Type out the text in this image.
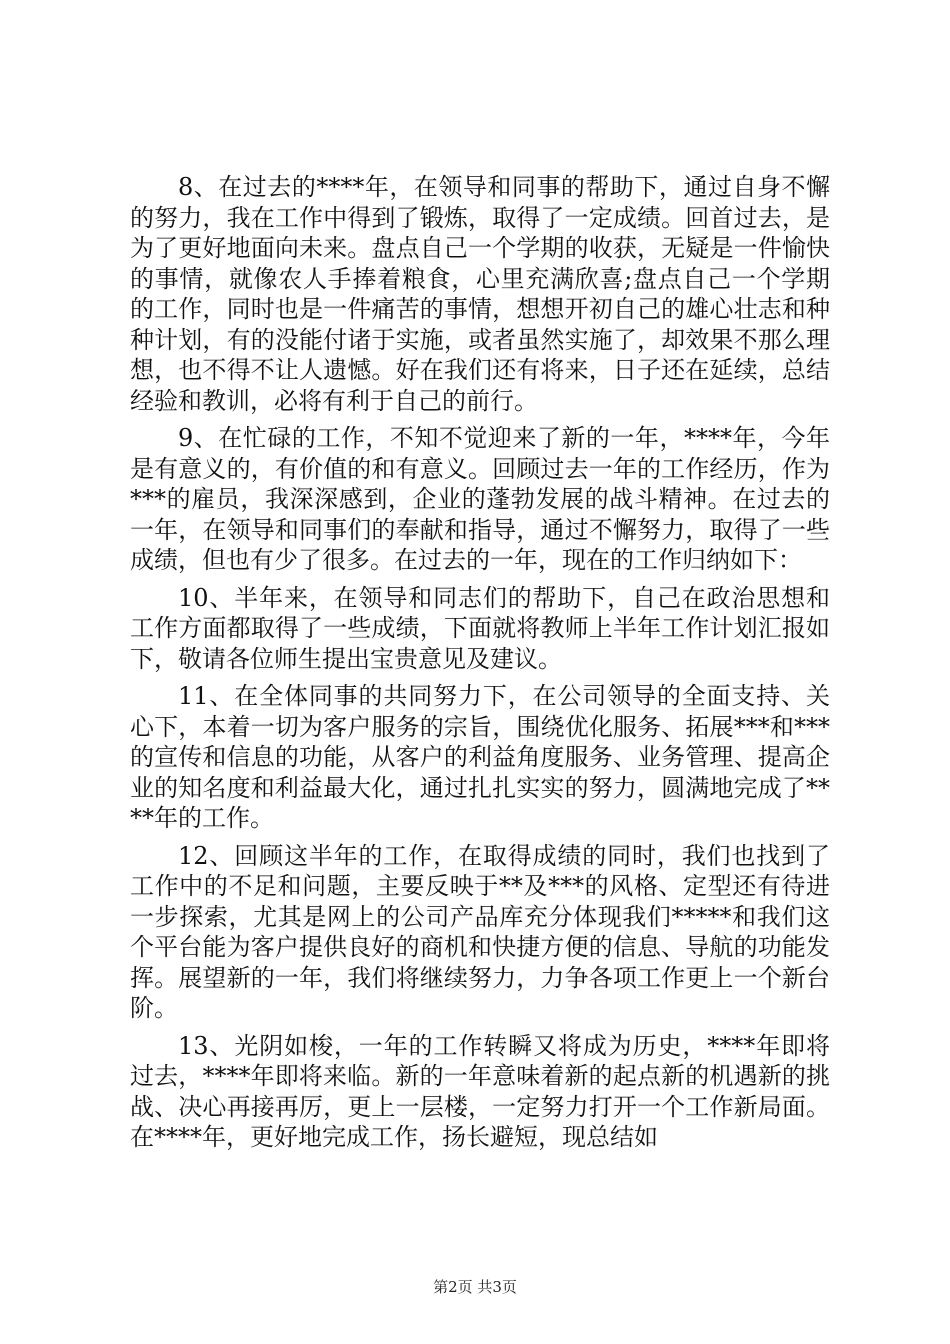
8、在过去的****年，在领导和同事的帮助下，通过自身不懈的努力，我在工作中得到了锻炼，取得了一定成绩。回首过去，是为了更好地面向未来。盘点自己一个学期的收获，无疑是一件愉快的事情，就像农人手捧着粮食，心里充满欣喜;盘点自己一个学期的工作，同时也是一件痛苦的事情，想想开初自己的雄心壮志和种种计划，有的没能付诸于实施，或者虽然实施了，却效果不那么理想，也不得不让人遗憾。好在我们还有将来，日子还在延续，总结经验和教训，必将有利于自己的前行。

9、在忙碌的工作，不知不觉迎来了新的一年，****年，今年是有意义的，有价值的和有意义。回顾过去一年的工作经历，作为***的雇员，我深深感到，企业的蓬勃发展的战斗精神。在过去的一年，在领导和同事们的奉献和指导，通过不懈努力，取得了一些成绩，但也有少了很多。在过去的一年，现在的工作归纳如下：

10、半年来，在领导和同志们的帮助下，自己在政治思想和工作方面都取得了一些成绩，下面就将教师上半年工作计划汇报如下，敬请各位师生提出宝贵意见及建议。

11、在全体同事的共同努力下，在公司领导的全面支持、关心下，本着一切为客户服务的宗旨，围绕优化服务、拓展***和***的宣传和信息的功能，从客户的利益角度服务、业务管理、提高企业的知名度和利益最大化，通过扎扎实实的努力，圆满地完成了****年的工作。

12、回顾这半年的工作，在取得成绩的同时，我们也找到了工作中的不足和问题，主要反映于**及***的风格、定型还有待进一步探索，尤其是网上的公司产品库充分体现我们*****和我们这个平台能为客户提供良好的商机和快捷方便的信息、导航的功能发挥。展望新的一年，我们将继续努力，力争各项工作更上一个新台阶。

13、光阴如梭，一年的工作转瞬又将成为历史，****年即将过去，****年即将来临。新的一年意味着新的起点新的机遇新的挑战、决心再接再厉，更上一层楼，一定努力打开一个工作新局面。在****年，更好地完成工作，扬长避短，现总结如

第2页 共3页
